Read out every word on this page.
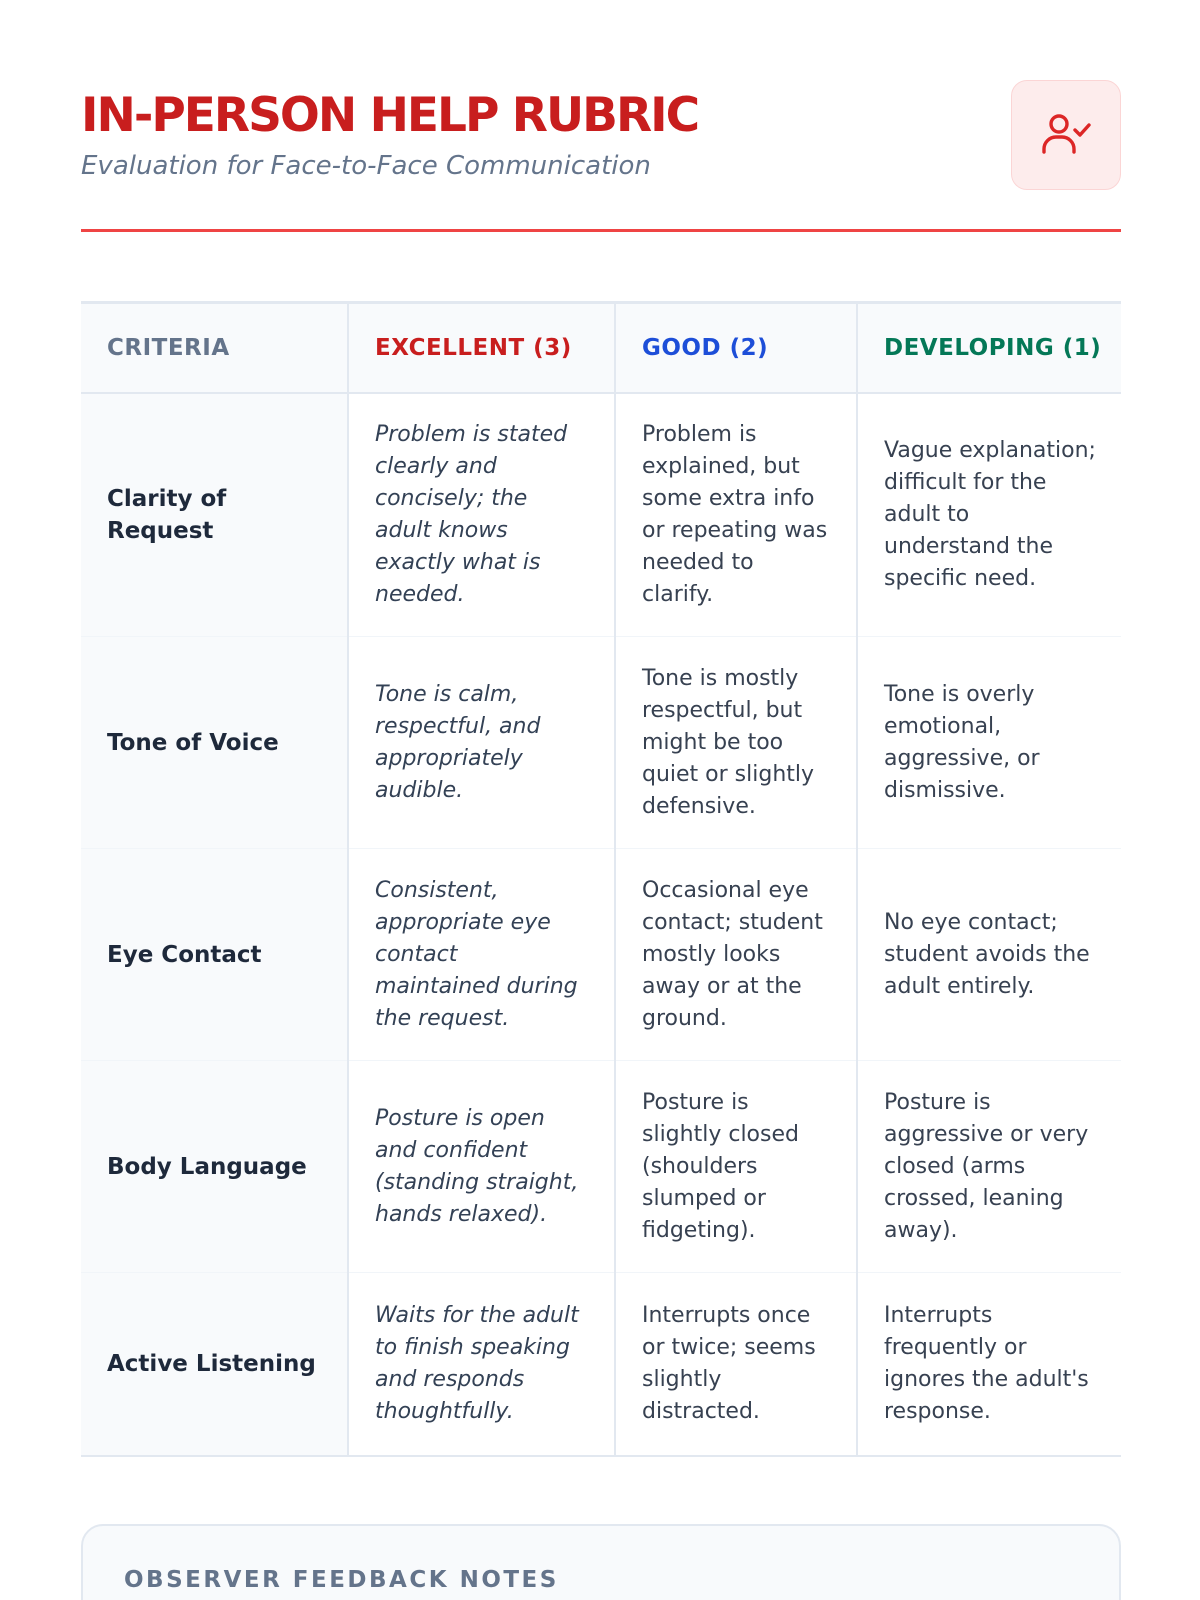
IN-PERSON HELP RUBRIC
Evaluation for Face-to-Face Communication
CRITERIA	EXCELLENT (3)	GOOD (2)	DEVELOPING (1)
Clarity of Request	Problem is stated clearly and concisely; the adult knows exactly what is needed.	Problem is explained, but some extra info or repeating was needed to clarify.	Vague explanation; difficult for the adult to understand the specific need.
Tone of Voice	Tone is calm, respectful, and appropriately audible.	Tone is mostly respectful, but might be too quiet or slightly defensive.	Tone is overly emotional, aggressive, or dismissive.
Eye Contact	Consistent, appropriate eye contact maintained during the request.	Occasional eye contact; student mostly looks away or at the ground.	No eye contact; student avoids the adult entirely.
Body Language	Posture is open and confident (standing straight, hands relaxed).	Posture is slightly closed (shoulders slumped or fidgeting).	Posture is aggressive or very closed (arms crossed, leaning away).
Active Listening	Waits for the adult to finish speaking and responds thoughtfully.	Interrupts once or twice; seems slightly distracted.	Interrupts frequently or ignores the adult's response.
OBSERVER FEEDBACK NOTES
